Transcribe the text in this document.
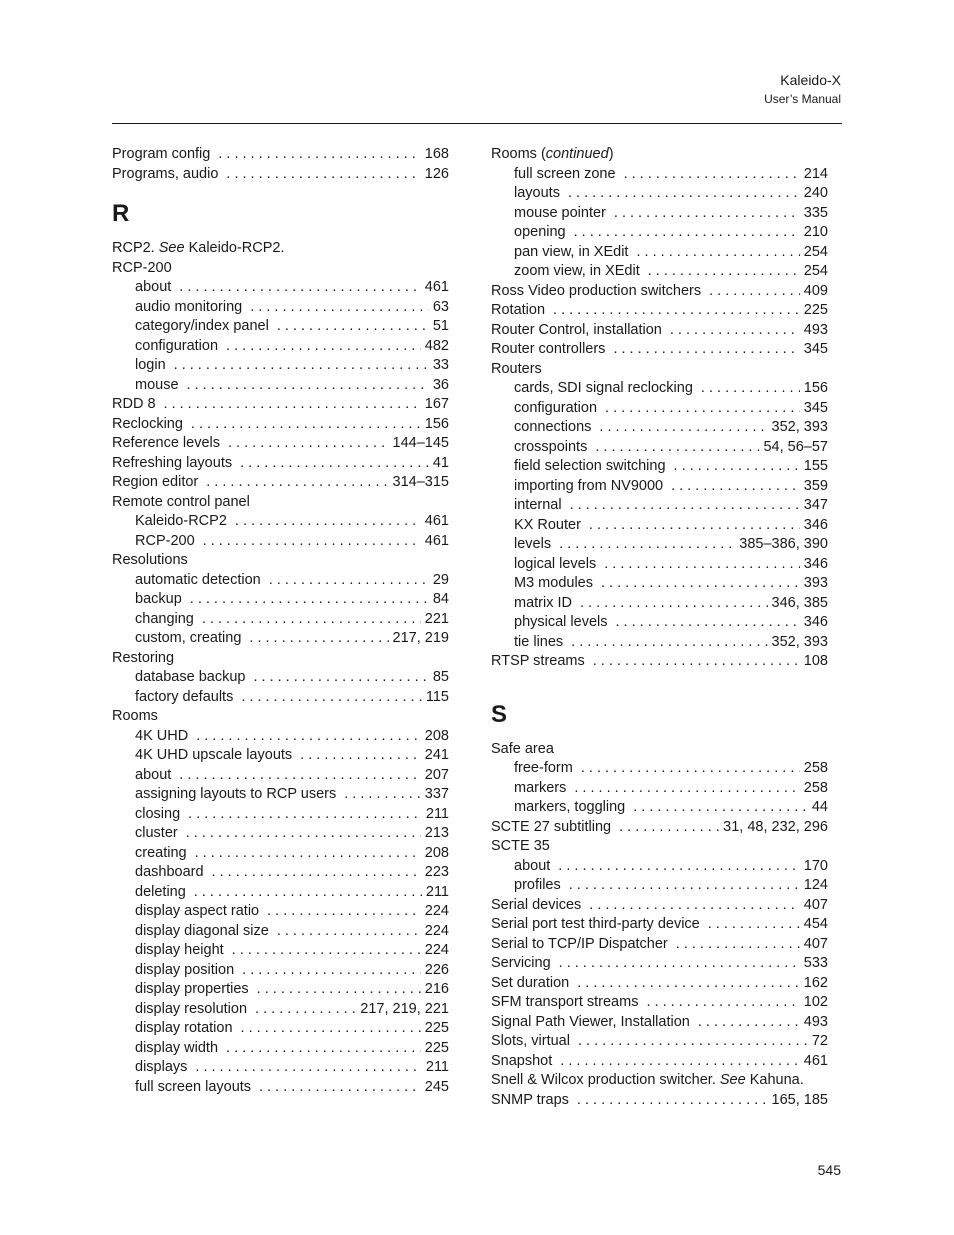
Kaleido-X
User’s Manual
Program config . . .	168
Programs, audio . . .	126
R
RCP2. See Kaleido-RCP2.
RCP-200
about . . .	461
audio monitoring . . .	63
category/index panel . . .	51
configuration . . .	482
login . . .	33
mouse . . .	36
RDD 8 . . .	167
Reclocking . . .	156
Reference levels . . .	144–145
Refreshing layouts . . .	41
Region editor . . .	314–315
Remote control panel
Kaleido-RCP2 . . .	461
RCP-200 . . .	461
Resolutions
automatic detection . . .	29
backup . . .	84
changing . . .	221
custom, creating . . .	217, 219
Restoring
database backup . . .	85
factory defaults . . .	115
Rooms
4K UHD . . .	208
4K UHD upscale layouts . . .	241
about . . .	207
assigning layouts to RCP users . . .	337
closing . . .	211
cluster . . .	213
creating . . .	208
dashboard . . .	223
deleting . . .	211
display aspect ratio . . .	224
display diagonal size . . .	224
display height . . .	224
display position . . .	226
display properties . . .	216
display resolution . . .	217, 219, 221
display rotation . . .	225
display width . . .	225
displays . . .	211
full screen layouts . . .	245
Rooms (continued)
full screen zone . . .	214
layouts . . .	240
mouse pointer . . .	335
opening . . .	210
pan view, in XEdit . . .	254
zoom view, in XEdit . . .	254
Ross Video production switchers . . .	409
Rotation . . .	225
Router Control, installation . . .	493
Router controllers . . .	345
Routers
cards, SDI signal reclocking . . .	156
configuration . . .	345
connections . . .	352, 393
crosspoints . . .	54, 56–57
field selection switching . . .	155
importing from NV9000 . . .	359
internal . . .	347
KX Router . . .	346
levels . . .	385–386, 390
logical levels . . .	346
M3 modules . . .	393
matrix ID . . .	346, 385
physical levels . . .	346
tie lines . . .	352, 393
RTSP streams . . .	108
S
Safe area
free-form . . .	258
markers . . .	258
markers, toggling . . .	44
SCTE 27 subtitling . . .	31, 48, 232, 296
SCTE 35
about . . .	170
profiles . . .	124
Serial devices . . .	407
Serial port test third-party device . . .	454
Serial to TCP/IP Dispatcher . . .	407
Servicing . . .	533
Set duration . . .	162
SFM transport streams . . .	102
Signal Path Viewer, Installation . . .	493
Slots, virtual . . .	72
Snapshot . . .	461
Snell & Wilcox production switcher. See Kahuna.
SNMP traps . . .	165, 185
545
